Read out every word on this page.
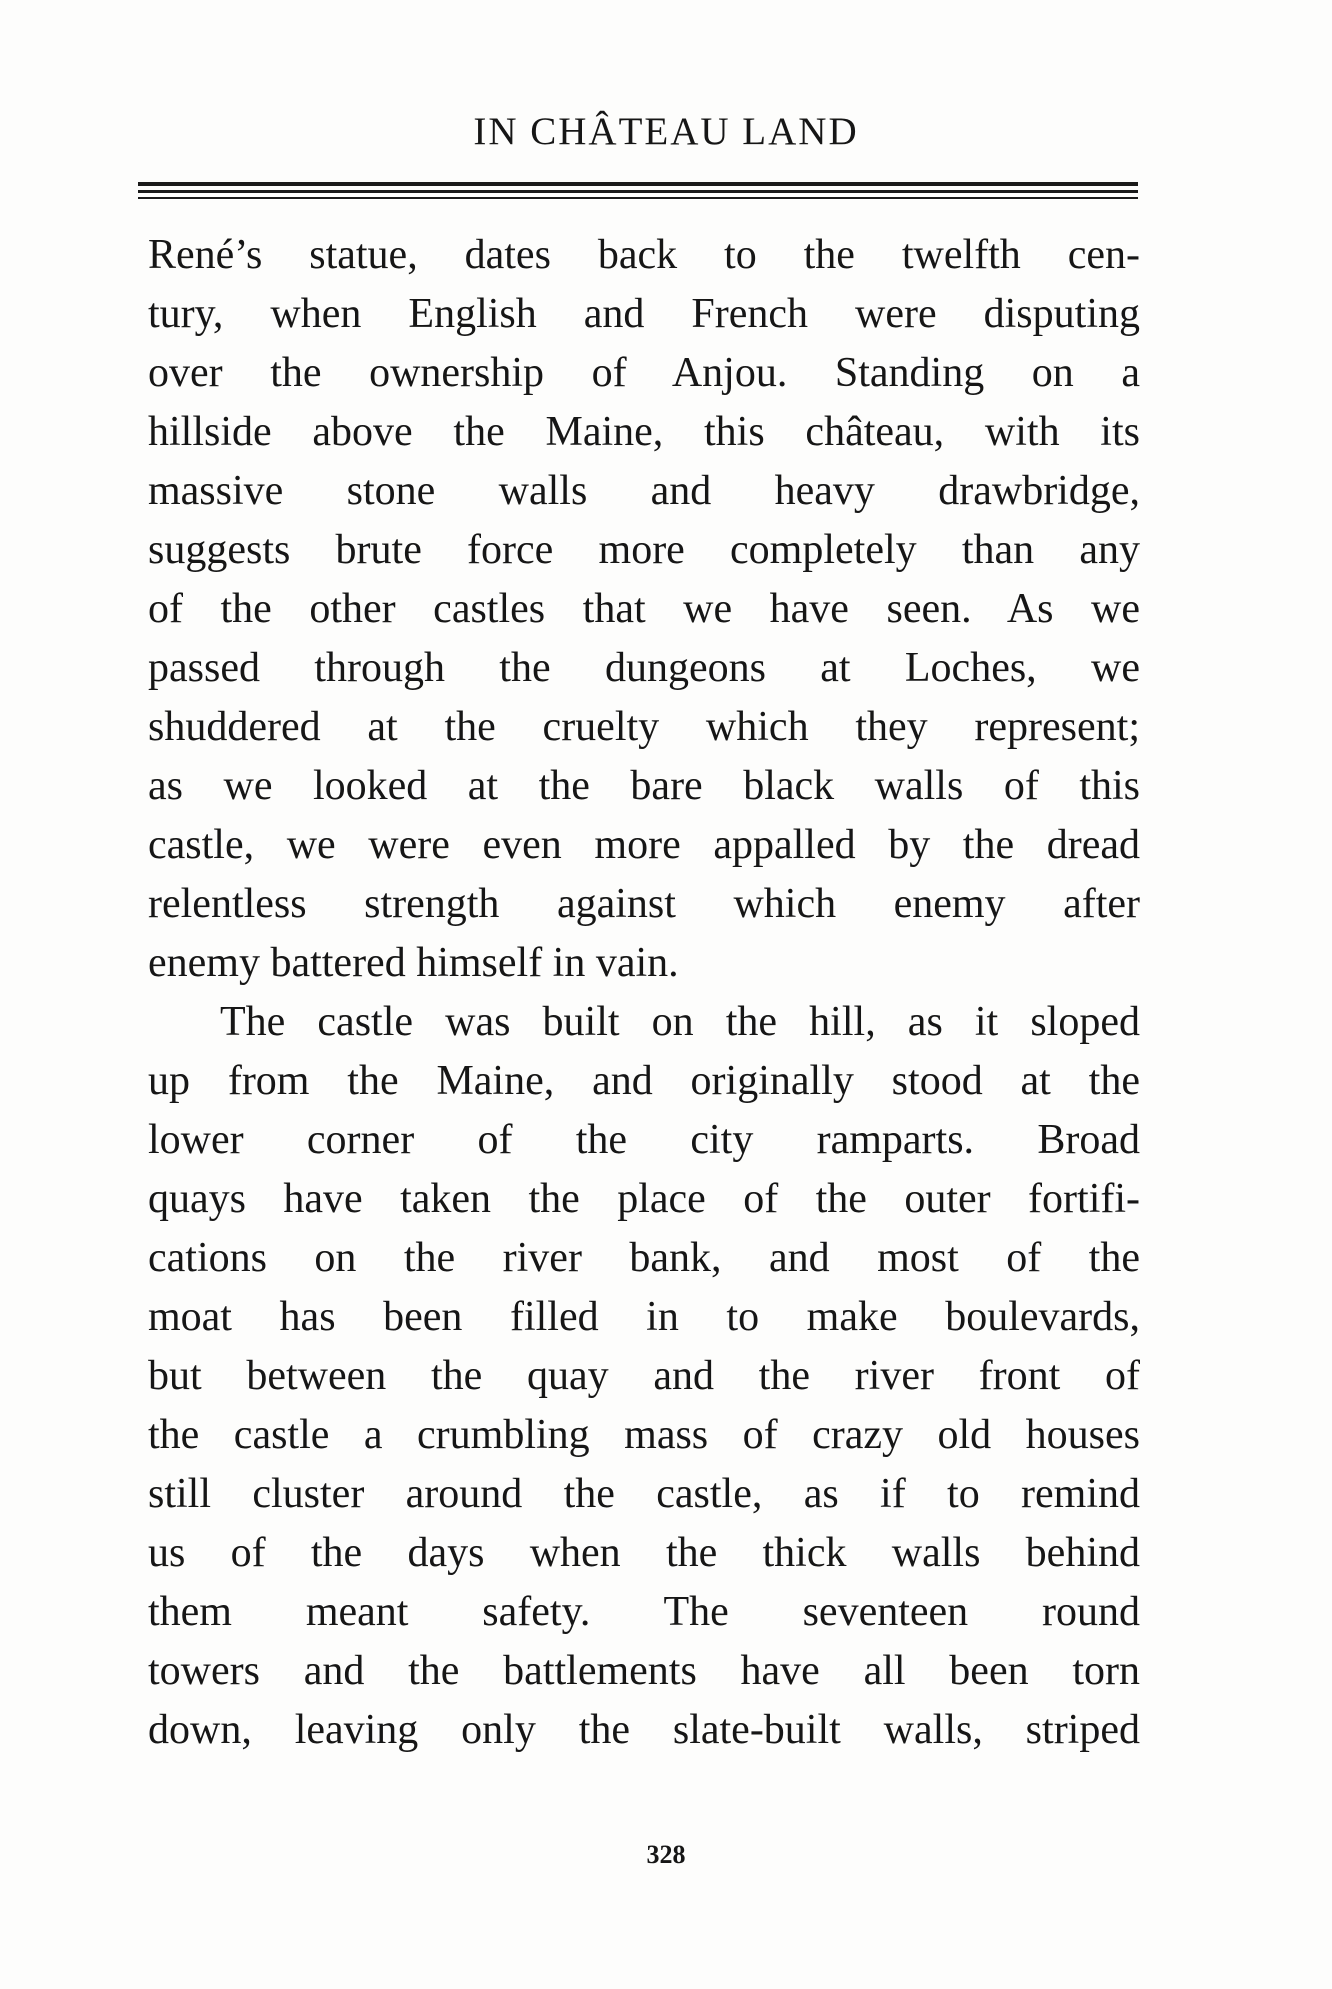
IN CHÂTEAU LAND
René’s statue, dates back to the twelfth cen-
tury, when English and French were disputing
over the ownership of Anjou. Standing on a
hillside above the Maine, this château, with its
massive stone walls and heavy drawbridge,
suggests brute force more completely than any
of the other castles that we have seen. As we
passed through the dungeons at Loches, we
shuddered at the cruelty which they represent;
as we looked at the bare black walls of this
castle, we were even more appalled by the dread
relentless strength against which enemy after
enemy battered himself in vain.
The castle was built on the hill, as it sloped
up from the Maine, and originally stood at the
lower corner of the city ramparts. Broad
quays have taken the place of the outer fortifi-
cations on the river bank, and most of the
moat has been filled in to make boulevards,
but between the quay and the river front of
the castle a crumbling mass of crazy old houses
still cluster around the castle, as if to remind
us of the days when the thick walls behind
them meant safety. The seventeen round
towers and the battlements have all been torn
down, leaving only the slate-built walls, striped
328
